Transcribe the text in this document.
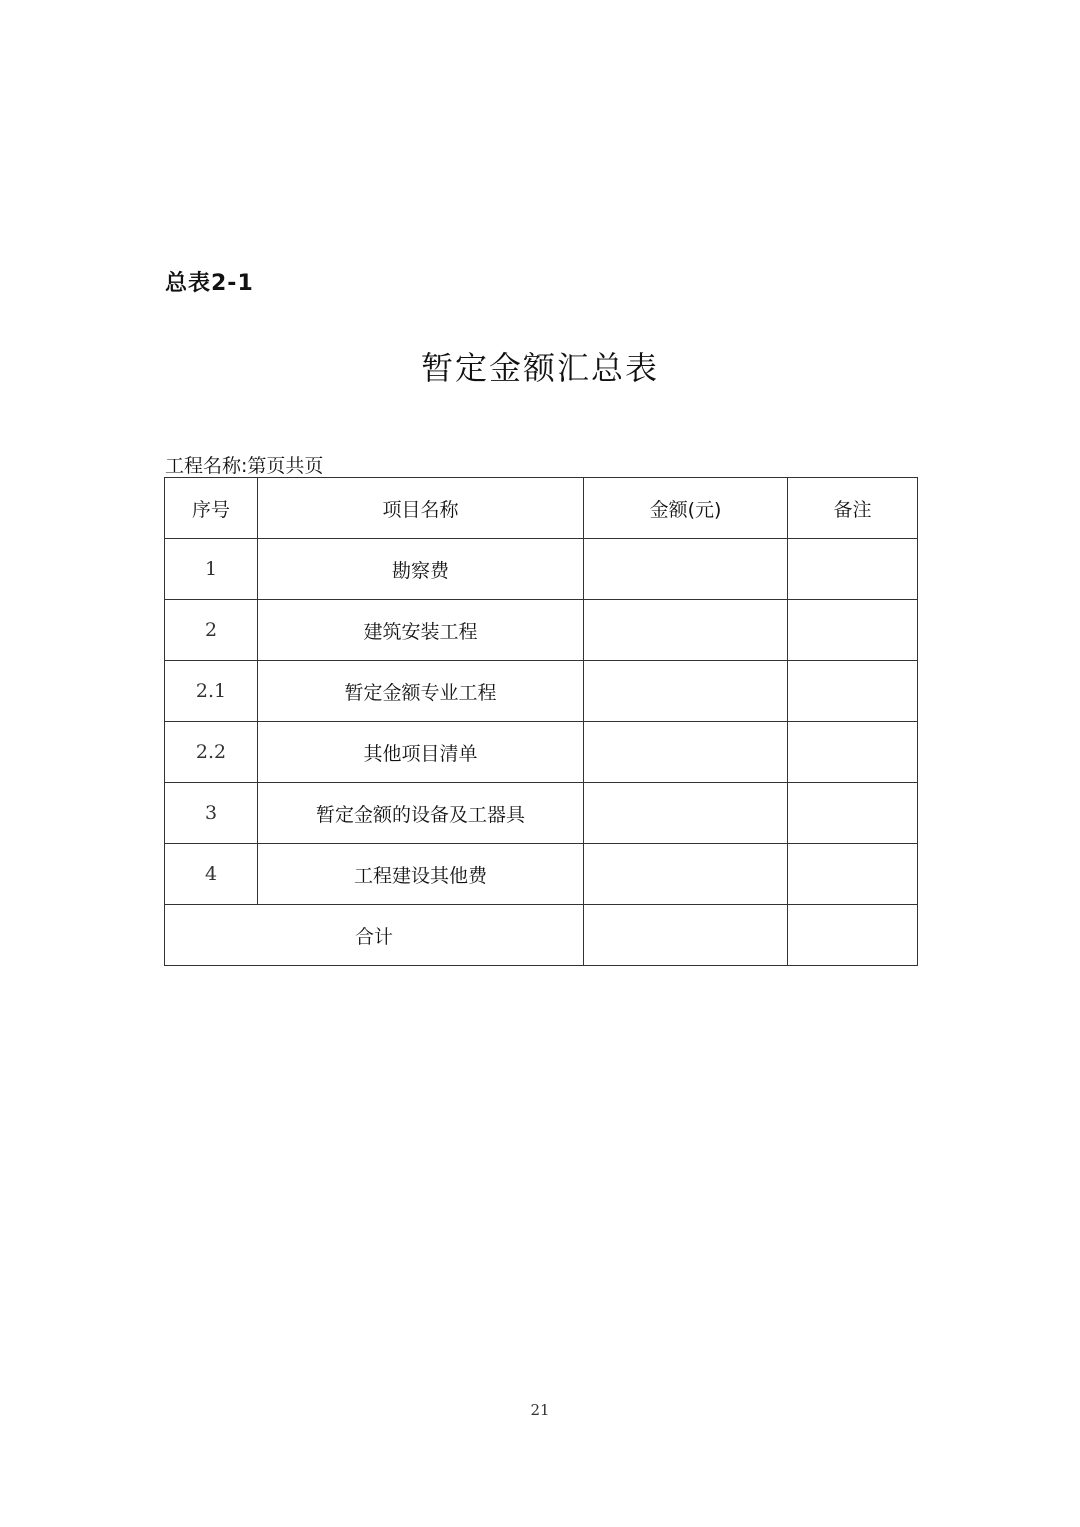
总表2-1
暂定金额汇总表
工程名称:第页共页
序号	项目名称	金额(元)	备注
1	勘察费		
2	建筑安装工程		
2.1	暂定金额专业工程		
2.2	其他项目清单		
3	暂定金额的设备及工器具		
4	工程建设其他费		
合计			
21
